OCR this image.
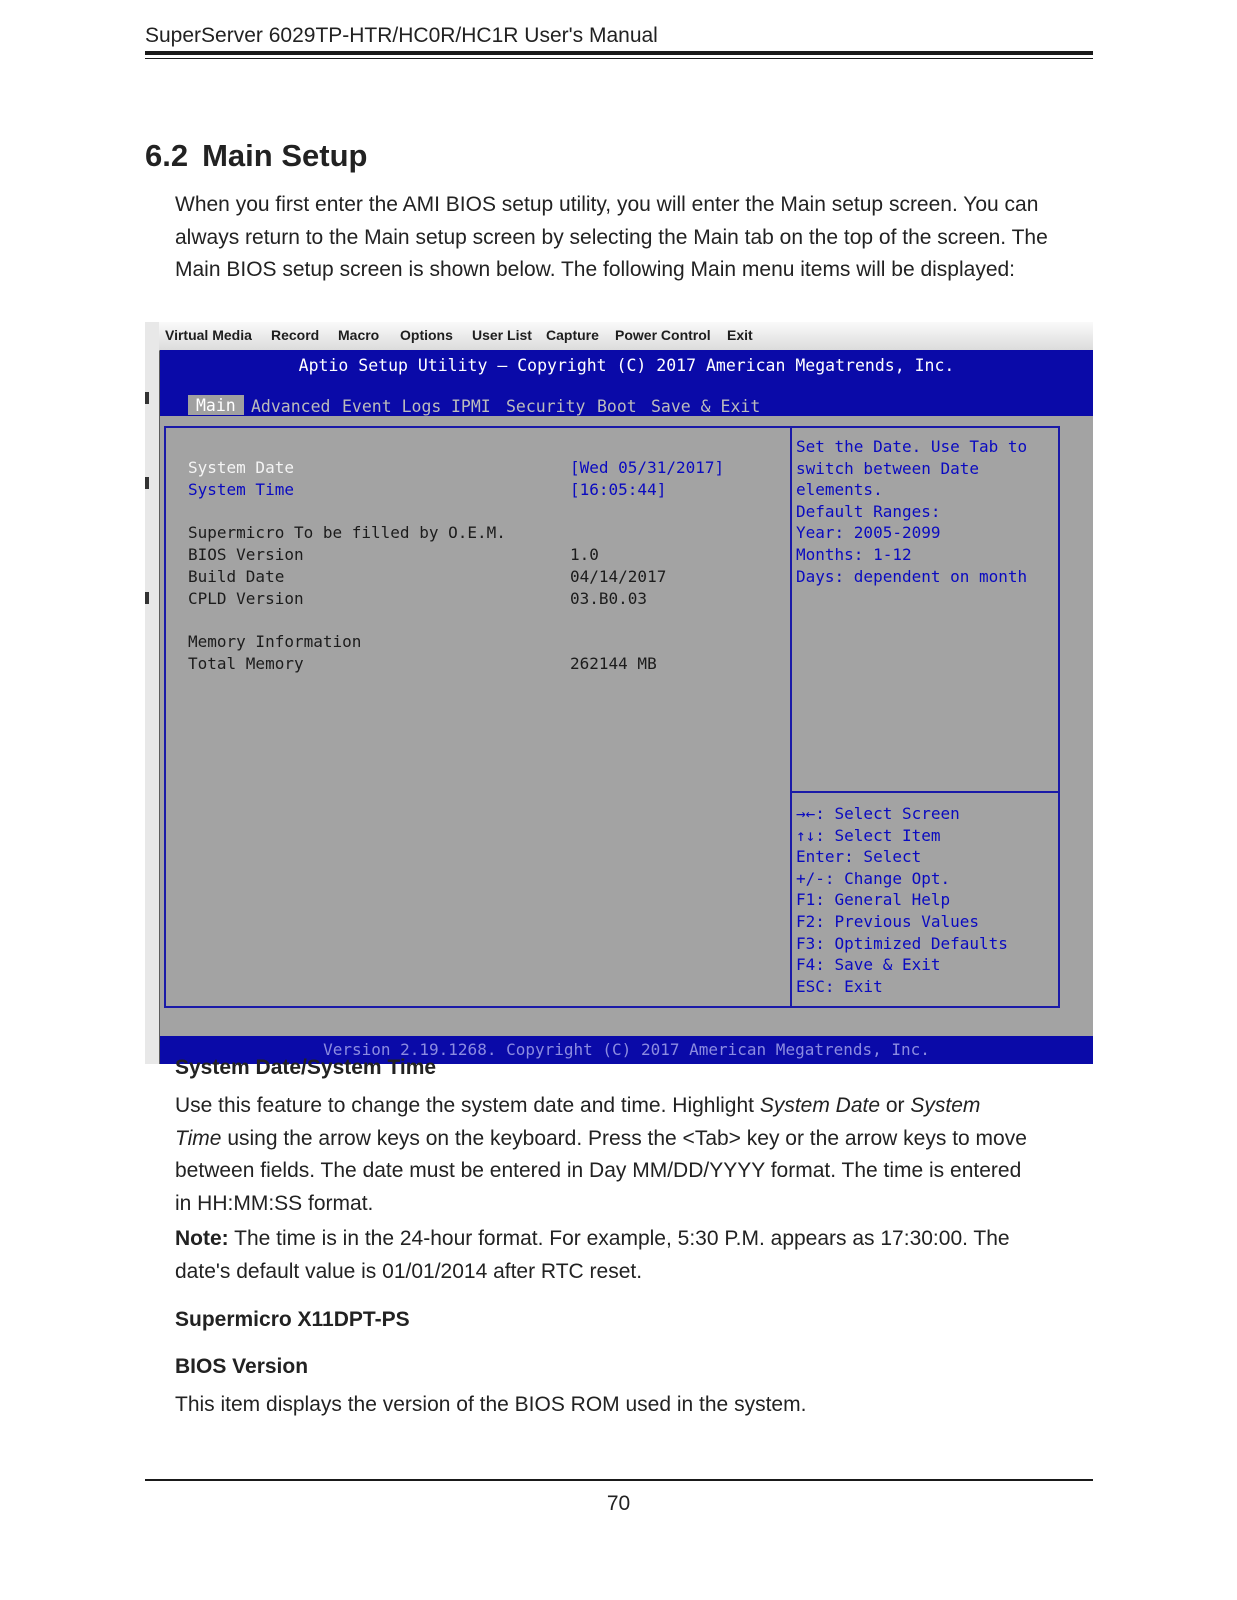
SuperServer 6029TP-HTR/HC0R/HC1R User's Manual
6.2 Main Setup
When you first enter the AMI BIOS setup utility, you will enter the Main setup screen. You can
always return to the Main setup screen by selecting the Main tab on the top of the screen. The
Main BIOS setup screen is shown below. The following Main menu items will be displayed:
Virtual Media Record Macro Options User List Capture Power Control Exit
Aptio Setup Utility – Copyright (C) 2017 American Megatrends, Inc.
Main Advanced Event Logs IPMI Security Boot Save & Exit
System Date	[Wed 05/31/2017]
System Time	[16:05:44]
Supermicro To be filled by O.E.M.
BIOS Version	1.0
Build Date	04/14/2017
CPLD Version	03.B0.03
Memory Information
Total Memory	262144 MB
Set the Date. Use Tab to
switch between Date
elements.
Default Ranges:
Year: 2005-2099
Months: 1-12
Days: dependent on month
→←: Select Screen
↑↓: Select Item
Enter: Select
+/-: Change Opt.
F1: General Help
F2: Previous Values
F3: Optimized Defaults
F4: Save & Exit
ESC: Exit
Version 2.19.1268. Copyright (C) 2017 American Megatrends, Inc.
System Date/System Time
Use this feature to change the system date and time. Highlight System Date or System
Time using the arrow keys on the keyboard. Press the <Tab> key or the arrow keys to move
between fields. The date must be entered in Day MM/DD/YYYY format. The time is entered
in HH:MM:SS format.
Note: The time is in the 24-hour format. For example, 5:30 P.M. appears as 17:30:00. The
date's default value is 01/01/2014 after RTC reset.
Supermicro X11DPT-PS
BIOS Version
This item displays the version of the BIOS ROM used in the system.
70
